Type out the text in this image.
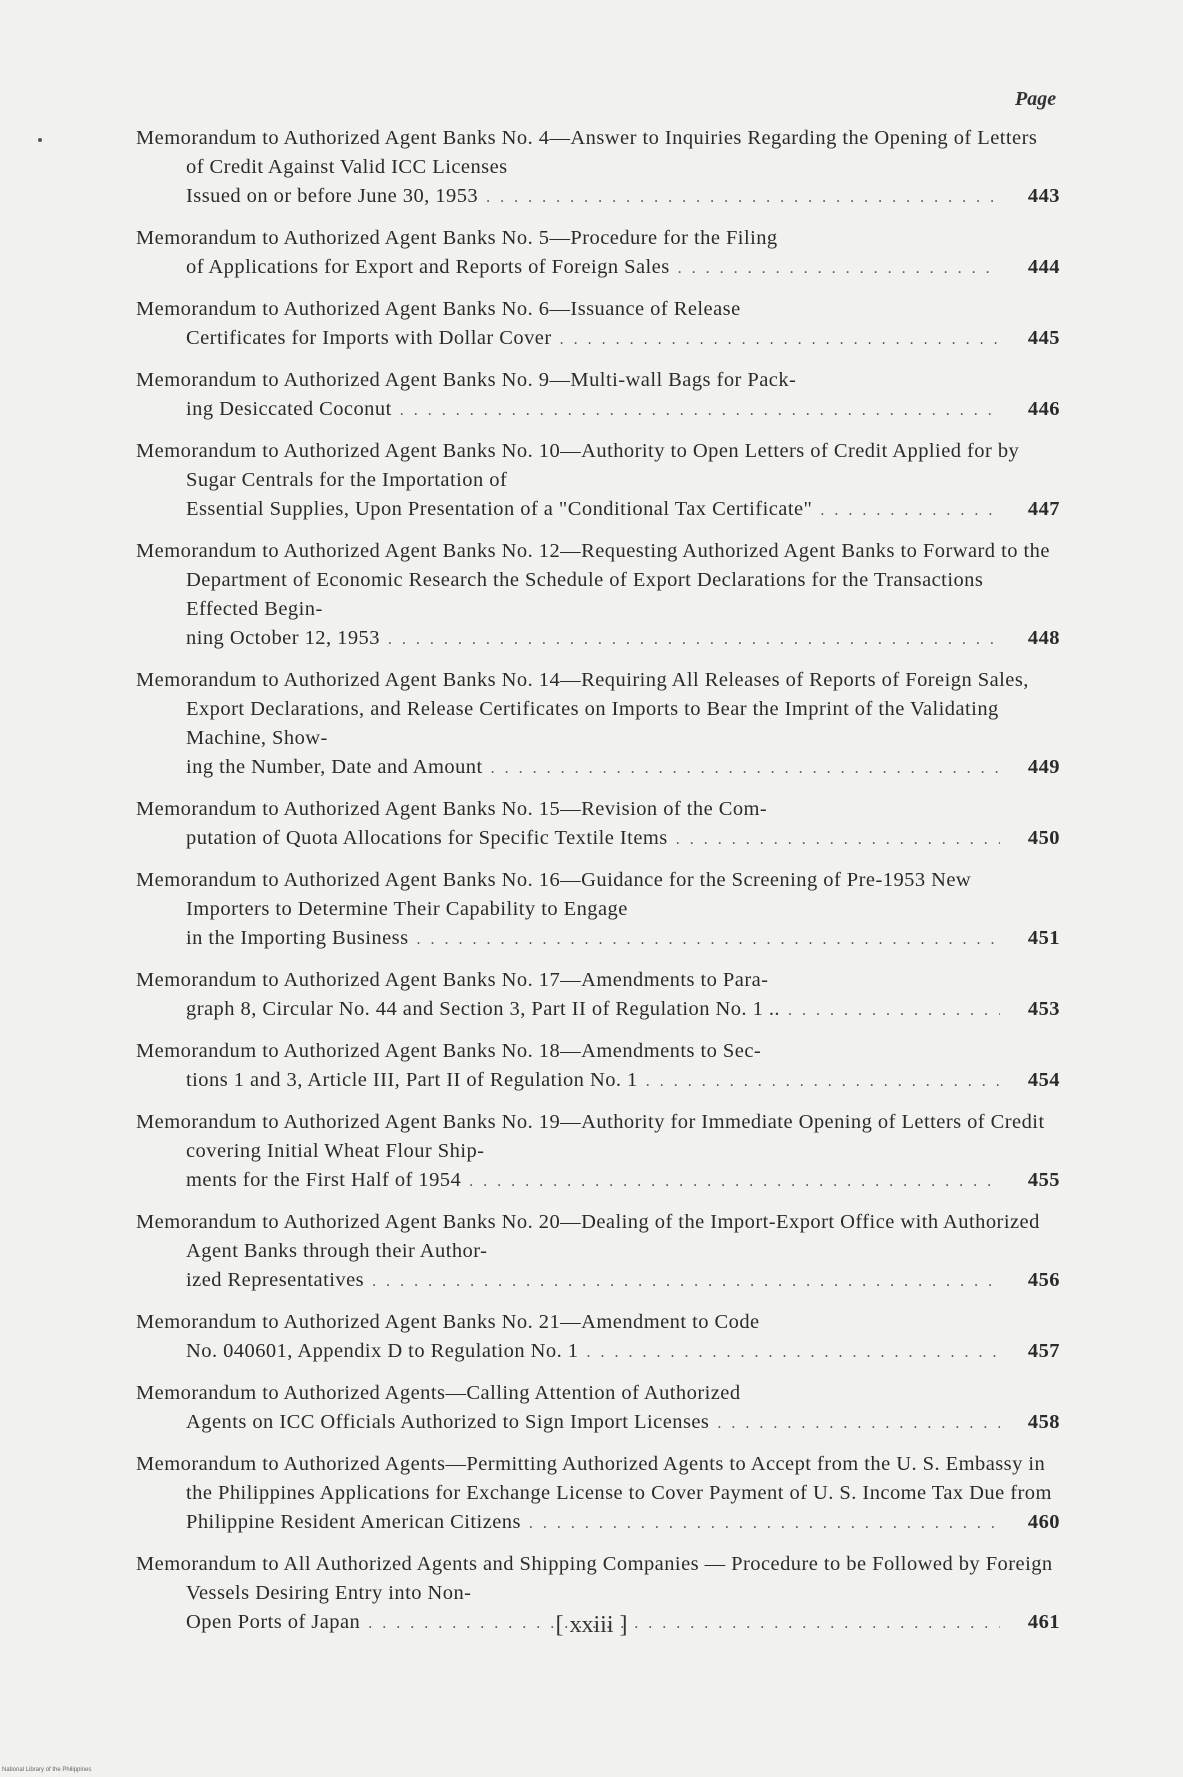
Page
Memorandum to Authorized Agent Banks No. 4—Answer to Inquiries Regarding the Opening of Letters of Credit Against Valid ICC Licenses
Issued on or before June 30, 1953 . . .	443
Memorandum to Authorized Agent Banks No. 5—Procedure for the Filing
of Applications for Export and Reports of Foreign Sales . . .	444
Memorandum to Authorized Agent Banks No. 6—Issuance of Release
Certificates for Imports with Dollar Cover . . .	445
Memorandum to Authorized Agent Banks No. 9—Multi-wall Bags for Pack-
ing Desiccated Coconut . . .	446
Memorandum to Authorized Agent Banks No. 10—Authority to Open Letters of Credit Applied for by Sugar Centrals for the Importation of
Essential Supplies, Upon Presentation of a "Conditional Tax Certificate" . . .	447
Memorandum to Authorized Agent Banks No. 12—Requesting Authorized Agent Banks to Forward to the Department of Economic Research the Schedule of Export Declarations for the Transactions Effected Begin-
ning October 12, 1953 . . .	448
Memorandum to Authorized Agent Banks No. 14—Requiring All Releases of Reports of Foreign Sales, Export Declarations, and Release Certificates on Imports to Bear the Imprint of the Validating Machine, Show-
ing the Number, Date and Amount . . .	449
Memorandum to Authorized Agent Banks No. 15—Revision of the Com-
putation of Quota Allocations for Specific Textile Items . . .	450
Memorandum to Authorized Agent Banks No. 16—Guidance for the Screening of Pre-1953 New Importers to Determine Their Capability to Engage
in the Importing Business . . .	451
Memorandum to Authorized Agent Banks No. 17—Amendments to Para-
graph 8, Circular No. 44 and Section 3, Part II of Regulation No. 1 .. . . .	453
Memorandum to Authorized Agent Banks No. 18—Amendments to Sec-
tions 1 and 3, Article III, Part II of Regulation No. 1 . . .	454
Memorandum to Authorized Agent Banks No. 19—Authority for Immediate Opening of Letters of Credit covering Initial Wheat Flour Ship-
ments for the First Half of 1954 . . .	455
Memorandum to Authorized Agent Banks No. 20—Dealing of the Import-Export Office with Authorized Agent Banks through their Author-
ized Representatives . . .	456
Memorandum to Authorized Agent Banks No. 21—Amendment to Code
No. 040601, Appendix D to Regulation No. 1 . . .	457
Memorandum to Authorized Agents—Calling Attention of Authorized
Agents on ICC Officials Authorized to Sign Import Licenses . . .	458
Memorandum to Authorized Agents—Permitting Authorized Agents to Accept from the U. S. Embassy in the Philippines Applications for Exchange License to Cover Payment of U. S. Income Tax Due from
Philippine Resident American Citizens . . .	460
Memorandum to All Authorized Agents and Shipping Companies — Procedure to be Followed by Foreign Vessels Desiring Entry into Non-
Open Ports of Japan . . .	461
[ xxiii ]
National Library of the Philippines
